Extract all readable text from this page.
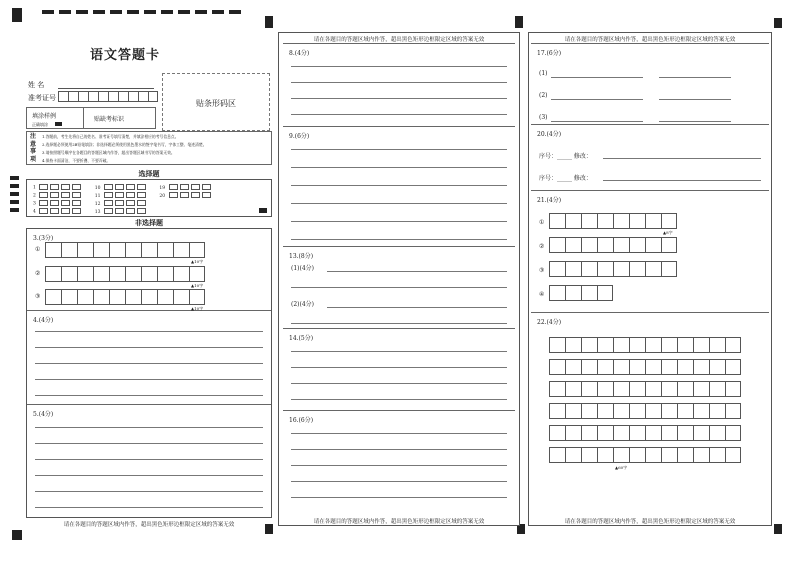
语文答题卡
姓 名
准考证号
贴条形码区
填涂样例
正确填涂
贴缺考标识
注意事项
1.答题前，考生先将自己的姓名、准考证号填写清楚，并填涂相应的考号信息点。
2.选择题必须使用2B铅笔填涂；非选择题必须使用黑色墨水的签字笔书写，字体工整、笔迹清楚。
3.请按照题号顺序在各题目的答题区域内作答，超出答题区域书写的答案无效。
4.保持卡面清洁，不要折叠、不要弄破。
选择题
1	10	19
2	11	20
3	12
4	13
非选择题
3.(3分)
①
▲10字
②
▲10字
③
▲10字
4.(4分)
5.(4分)
请在各题目的答题区域内作答，超出黑色矩形边框限定区域的答案无效
请在各题目的答题区域内作答，超出黑色矩形边框限定区域的答案无效
8.(4分)
9.(6分)
13.(8分)
(1)(4分)
(2)(4分)
14.(5分)
16.(6分)
请在各题目的答题区域内作答，超出黑色矩形边框限定区域的答案无效
请在各题目的答题区域内作答，超出黑色矩形边框限定区域的答案无效
17.(6分)
(1)
(2)
(3)
20.(4分)
序号：_____ 修改：
序号：_____ 修改：
21.(4分)
①
▲8字
②
③
④
22.(4分)
▲60字
请在各题目的答题区域内作答，超出黑色矩形边框限定区域的答案无效
